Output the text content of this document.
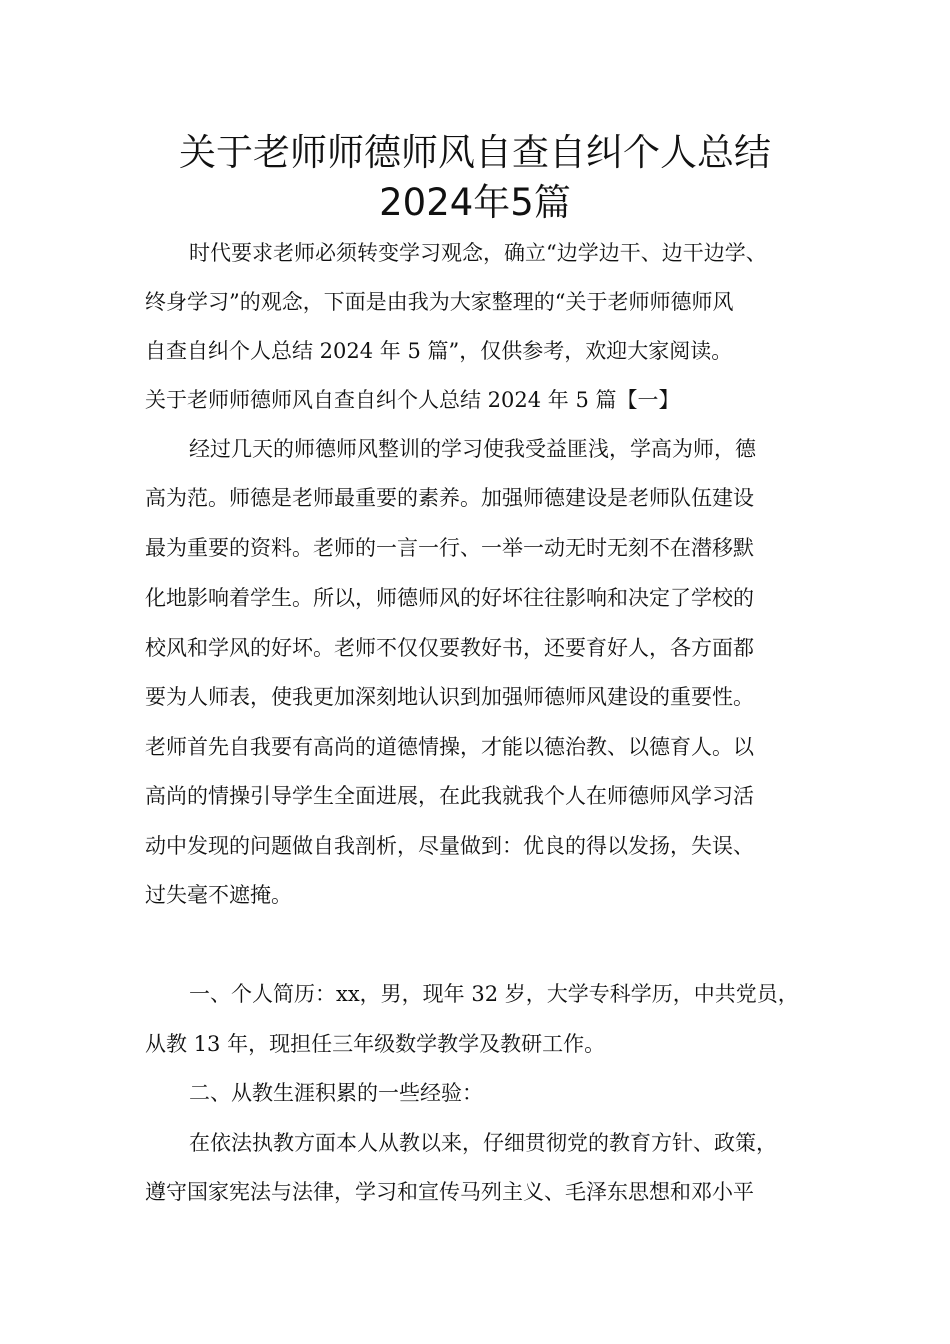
关于老师师德师风自查自纠个人总结
2024年5篇
时代要求老师必须转变学习观念，确立“边学边干、边干边学、
终身学习”的观念，下面是由我为大家整理的“关于老师师德师风
自查自纠个人总结 2024 年 5 篇”，仅供参考，欢迎大家阅读。
关于老师师德师风自查自纠个人总结 2024 年 5 篇【一】
经过几天的师德师风整训的学习使我受益匪浅，学高为师，德
高为范。师德是老师最重要的素养。加强师德建设是老师队伍建设
最为重要的资料。老师的一言一行、一举一动无时无刻不在潜移默
化地影响着学生。所以，师德师风的好坏往往影响和决定了学校的
校风和学风的好坏。老师不仅仅要教好书，还要育好人，各方面都
要为人师表，使我更加深刻地认识到加强师德师风建设的重要性。
老师首先自我要有高尚的道德情操，才能以德治教、以德育人。以
高尚的情操引导学生全面进展，在此我就我个人在师德师风学习活
动中发现的问题做自我剖析，尽量做到：优良的得以发扬，失误、
过失毫不遮掩。
一、个人简历：xx，男，现年 32 岁，大学专科学历，中共党员，
从教 13 年，现担任三年级数学教学及教研工作。
二、从教生涯积累的一些经验：
在依法执教方面本人从教以来，仔细贯彻党的教育方针、政策，
遵守国家宪法与法律，学习和宣传马列主义、毛泽东思想和邓小平
